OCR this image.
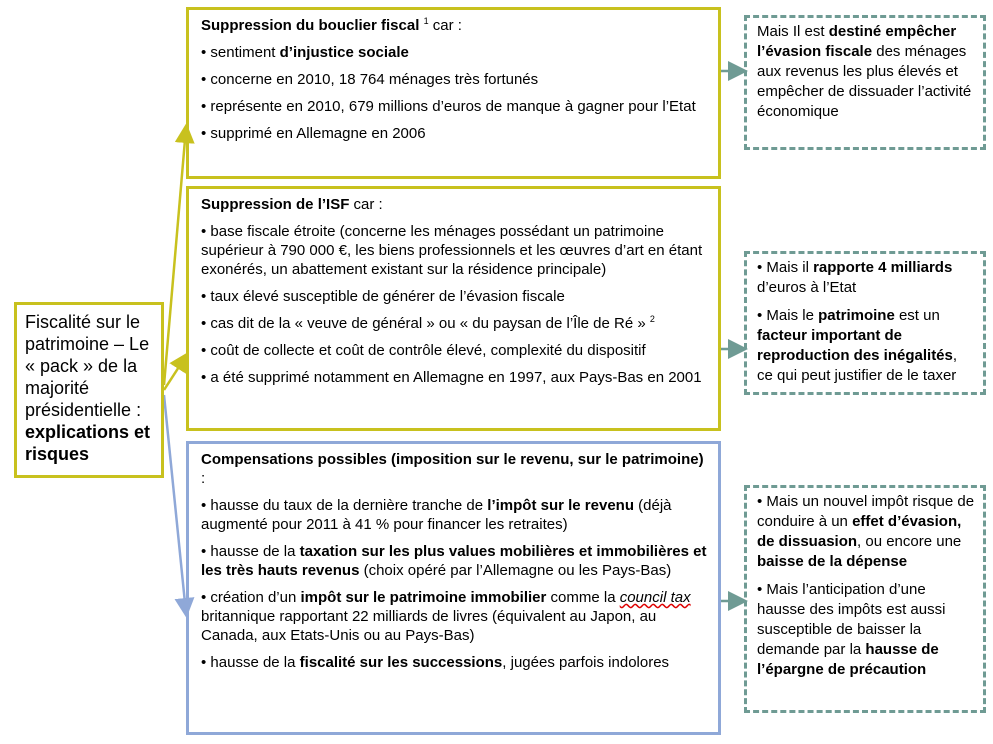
Fiscalité sur le patrimoine – Le « pack » de la majorité présidentielle :
explications et risques
Suppression du bouclier fiscal $^1$ car :
• sentiment d’injustice sociale
• concerne en 2010, 18 764 ménages très fortunés
• représente en 2010, 679 millions d’euros de manque à gagner pour l’Etat
• supprimé en Allemagne en 2006
Suppression de l’ISF car :
• base fiscale étroite (concerne les ménages possédant un patrimoine supérieur à 790 000 €, les biens professionnels et les œuvres d’art en étant exonérés, un abattement existant sur la résidence principale)
• taux élevé susceptible de générer de l’évasion fiscale
• cas dit de la « veuve de général » ou « du paysan de l’Île de Ré » $^2$
• coût de collecte et coût de contrôle élevé, complexité du dispositif
• a été supprimé notamment en Allemagne en 1997, aux Pays-Bas en 2001
Compensations possibles (imposition sur le revenu, sur le patrimoine) :
• hausse du taux de la dernière tranche de l’impôt sur le revenu (déjà augmenté pour 2011 à 41 % pour financer les retraites)
• hausse de la taxation sur les plus values mobilières et immobilières et les très hauts revenus (choix opéré par l’Allemagne ou les Pays-Bas)
• création d’un impôt sur le patrimoine immobilier comme la council tax britannique rapportant 22 milliards de livres (équivalent au Japon, au Canada, aux Etats-Unis ou au Pays-Bas)
• hausse de la fiscalité sur les successions, jugées parfois indolores
Mais Il est destiné empêcher l’évasion fiscale des ménages aux revenus les plus élevés et empêcher de dissuader l’activité économique
• Mais il rapporte 4 milliards d’euros à l’Etat
• Mais le patrimoine est un facteur important de reproduction des inégalités, ce qui peut justifier de le taxer
• Mais un nouvel impôt risque de conduire à un effet d’évasion, de dissuasion, ou encore une baisse de la dépense
• Mais l’anticipation d’une hausse des impôts est aussi susceptible de baisser la demande par la hausse de l’épargne de précaution
